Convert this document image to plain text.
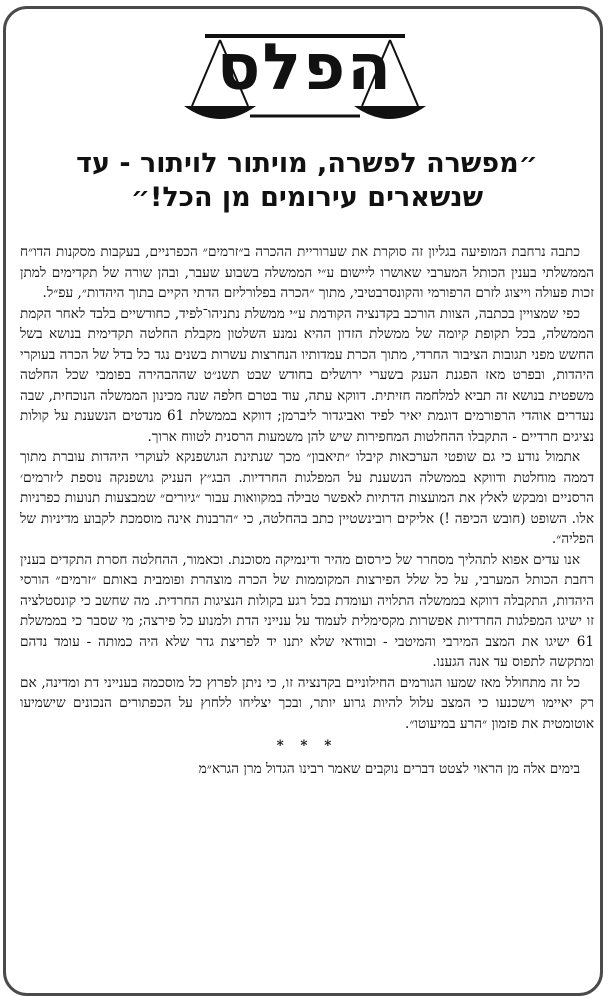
הפלס
״מפשרה לפשרה, מויתור לויתור - עד
שנשארים עירומים מן הכל!״

כתבה נרחבת המופיעה בגליון זה סוקרת את שערוריית ההכרה ב״זרמים״ הכפרניים, בעקבות מסקנות הדו״ח הממשלתי בענין הכותל המערבי שאושרו ליישום ע״י הממשלה בשבוע שעבר, ובהן שורה של תקדימים למתן זכות פעולה וייצוג לזרם הרפורמי והקונסרבטיבי, מתוך ״הכרה בפלורליזם הדתי הקיים בתוך היהדות״, עפ״ל.

כפי שמצויין בכתבה, הצוות הורכב בקדנציה הקודמת ע״י ממשלת נתניהו־לפיד, כחודשיים בלבד לאחר הקמת הממשלה, בכל תקופת קיומה של ממשלת הזדון ההיא נמנע השלטון מקבלת החלטה תקדימית בנושא בשל החשש מפני תגובות הציבור החרדי, מתוך הכרת עמדותיו הנחרצות עשרות בשנים נגד כל בדל של הכרה בעוקרי היהדות, ובפרט מאז הפגנת הענק בשערי ירושלים בחודש שבט תשנ״ט שההבהירה בפומבי שכל החלטה משפטית בנושא זה תביא למלחמה חזיתית. דווקא עתה, עוד בטרם חלפה שנה מכינון הממשלה הנוכחית, שבה נעדרים אוהדי הרפורמים דוגמת יאיר לפיד ואביגדור ליברמן; דווקא בממשלת 61 מנדטים הנשענת על קולות נציגים חרדיים - התקבלו ההחלטות המחפירות שיש להן משמעות הרסנית לטווח ארוך.

אתמול נודע כי גם שופטי הערכאות קיבלו ״תיאבון״ מכך שנתינת הגושפנקא לעוקרי היהדות עוברת מתוך דממה מוחלטת ודווקא בממשלה הנשענת על המפלגות החרדיות. הבג״ץ העניק גושפנקה נוספת ל׳זרמים׳ הרסניים ומבקש לאלץ את המועצות הדתיות לאפשר טבילה במקוואות עבור ״גיורים״ שמבצעות תנועות כפרניות אלו. השופט (חובש הכיפה !) אליקים רובינשטיין כתב בהחלטה, כי ״הרבנות אינה מוסמכת לקבוע מדיניות של הפליה״.

אנו עדים אפוא לתהליך מסחרר של כירסום מהיר ודינמיקה מסוכנת. וכאמור, ההחלטה חסרת התקדים בענין רחבת הכותל המערבי, על כל שלל הפירצות המקוממות של הכרה מוצהרת ופומבית באותם ״זרמים״ הורסי היהדות, התקבלה דווקא בממשלה התלויה ועומדת בכל רגע בקולות הנציגות החרדית. מה שחשב כי קונסטלציה זו ישיגו המפלגות החרדיות אפשרות מקסימלית לעמוד על ענייני הדת ולמנוע כל פירצה; מי שסבר כי בממשלת 61 ישיגו את המצב המירבי והמיטבי - ובוודאי שלא יתנו יד לפריצת גדר שלא היה כמותה - עומד נדהם ומתקשה לתפוס עד אנה הגענו.

כל זה מתחולל מאז שמעו הגורמים החילוניים בקדנציה זו, כי ניתן לפרוץ כל מוסכמה בענייני דת ומדינה, אם רק יאיימו וישכנעו כי המצב עלול להיות גרוע יותר, ובכך יצליחו ללחוץ על הכפתורים הנכונים שישמיעו אוטומטית את פזמון ״הרע במיעוטו״.

* * *

בימים אלה מן הראוי לצטט דברים נוקבים שאמר רבינו הגדול מרן הגרא״מ
